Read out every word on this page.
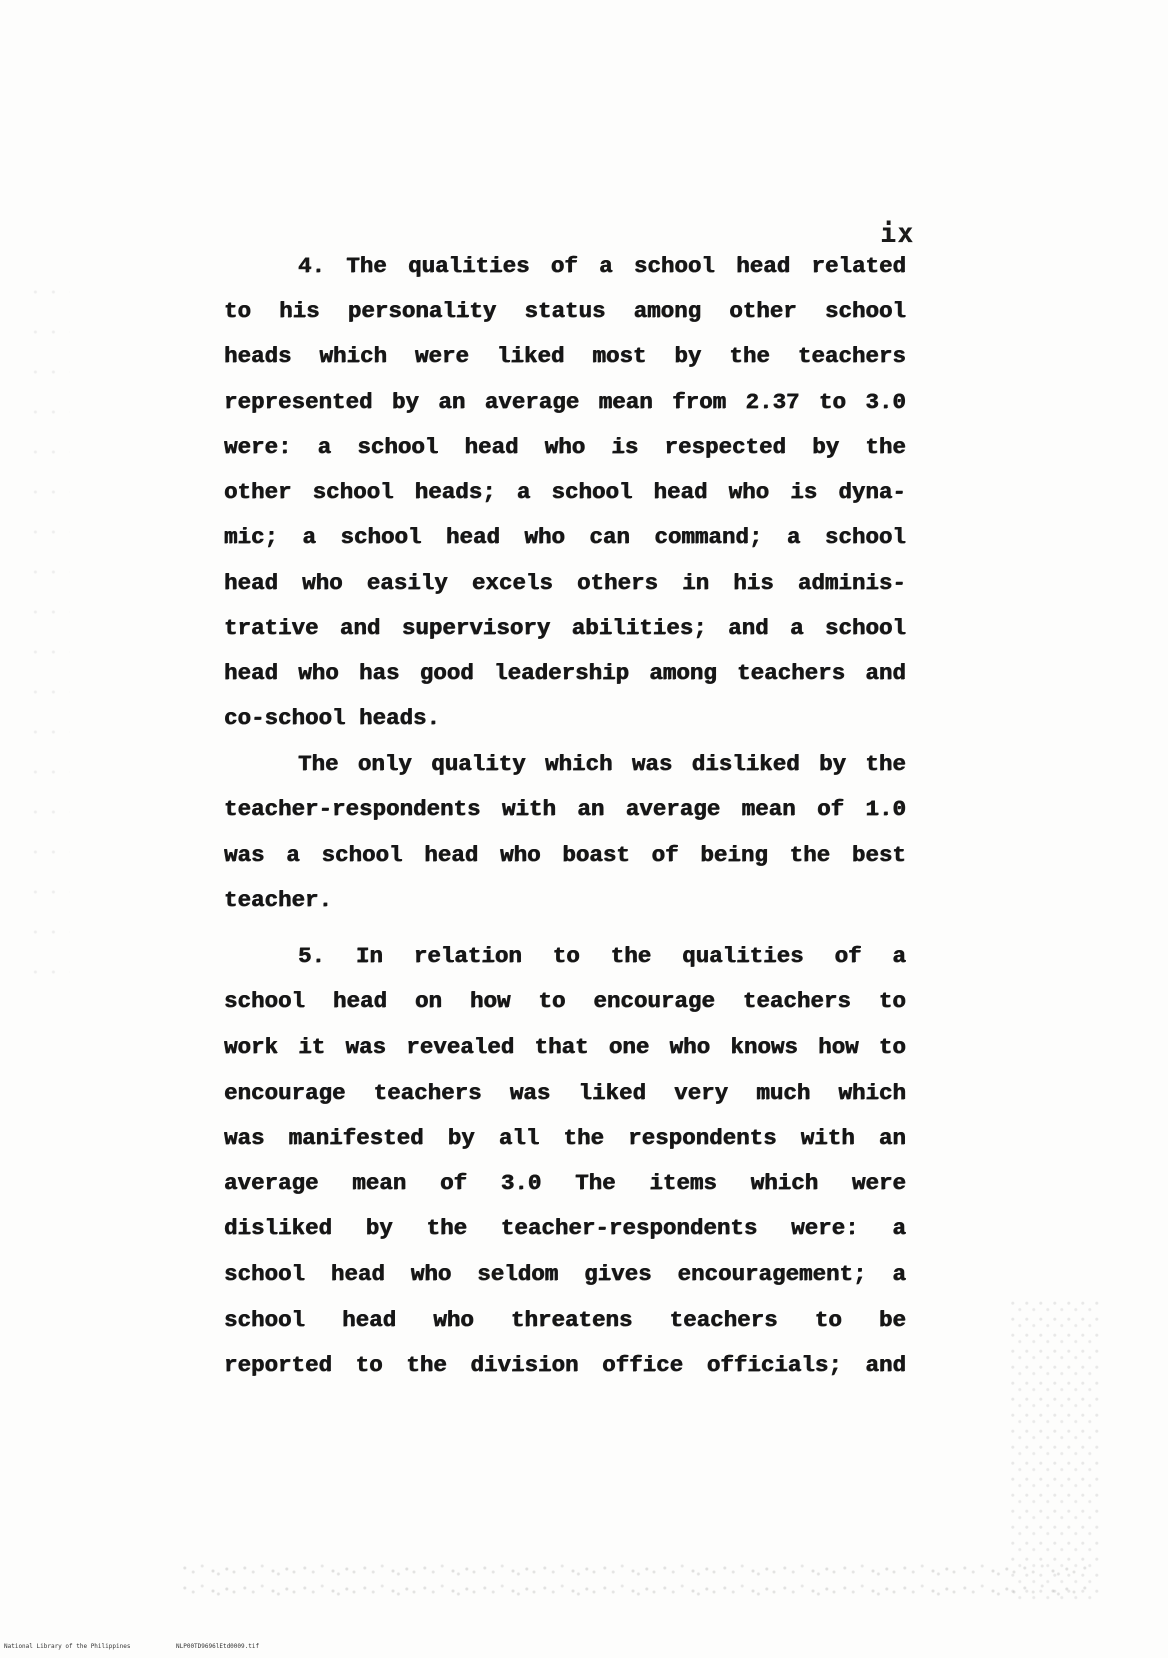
ix
4. The qualities of a school head related
to his personality status among other school
heads which were liked most by the teachers
represented by an average mean from 2.37 to 3.0
were: a school head who is respected by the
other school heads; a school head who is dyna-
mic; a school head who can command; a school
head who easily excels others in his adminis-
trative and supervisory abilities; and a school
head who has good leadership among teachers and
co-school heads.
The only quality which was disliked by the
teacher-respondents with an average mean of 1.0
was a school head who boast of being the best
teacher.
5. In relation to the qualities of a
school head on how to encourage teachers to
work it was revealed that one who knows how to
encourage teachers was liked very much which
was manifested by all the respondents with an
average mean of 3.0 The items which were
disliked by the teacher-respondents were: a
school head who seldom gives encouragement; a
school head who threatens teachers to be
reported to the division office officials; and
National Library of the Philippines	NLP00TD9696lEtd0009.tif
